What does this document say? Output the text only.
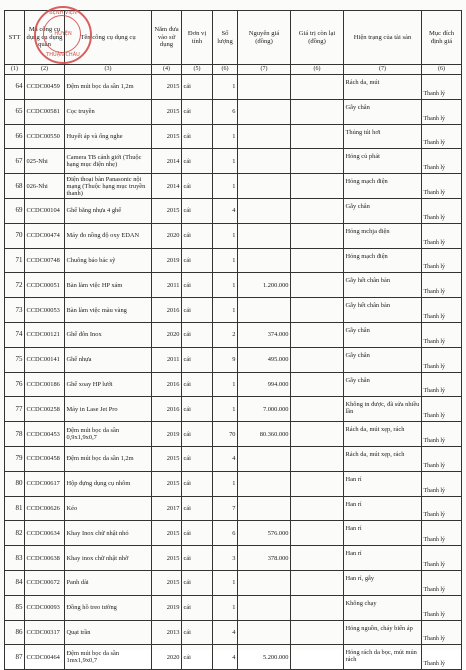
STT	Mã công cụ dụng cụ dụng quản	Tên công cụ dụng cụ	Năm đưa vào sử dụng	Đơn vị tính	Số lượng	Nguyên giá (đồng)	Giá trị còn lại (đồng)	Hiện trạng của tài sản	Mục đích định giá
(1)	(2)	(3)	(4)	(5)	(6)	(7)	(6)	(7)	(6)
64	CCDC00459	Đệm mút bọc da sần 1,2m	2015	cái	1			Rách da, mút	Thanh lý
65	CCDC00581	Cọc truyền	2015	cái	6			Gẫy chân	Thanh lý
66	CCDC00550	Huyết áp và ống nghe	2015	cái	1			Thủng túi hơi	Thanh lý
67	025-Nhi	Camera TB cảnh giới (Thuộc hạng mục điện nhẹ)	2014	cái	1			Hỏng củ phát	Thanh lý
68	026-Nhi	Điện thoại bàn Panasonic nội mạng (Thuộc hạng mục truyền thanh)	2014	cái	1			Hỏng mạch điện	Thanh lý
69	CCDC00104	Ghế băng nhựa 4 ghế	2015	cái	4			Gẫy chân	Thanh lý
70	CCDC00474	Máy đo nồng độ oxy EDAN	2020	cái	1			Hỏng mchja điện	Thanh lý
71	CCDC00748	Chuông báo bác sỹ	2019	cái	1			Hỏng mạch điện	Thanh lý
72	CCDC00051	Bàn làm việc HP xám	2011	cái	1	1.200.000		Gẫy hết chân bàn	Thanh lý
73	CCDC00053	Bàn làm việc màu vàng	2016	cái	1			Gẫy hết chân bàn	Thanh lý
74	CCDC00121	Ghế đôn Inox	2020	cái	2	374.000		Gẫy chân	Thanh lý
75	CCDC00141	Ghế nhựa	2011	cái	9	495.000		Gẫy chân	Thanh lý
76	CCDC00186	Ghế xoay HP lưới	2016	cái	1	994.000		Gẫy chân	Thanh lý
77	CCDC00258	Máy in Lase Jet Pro	2016	cái	1	7.000.000		Không in được, đã sửa nhiều lần	Thanh lý
78	CCDC00453	Đệm mút bọc da sần 0,9x1,9x0,7	2019	cái	70	80.360.000		Rách da, mút xẹp, rách	Thanh lý
79	CCDC00458	Đệm mút bọc da sần 1,2m	2015	cái	4			Rách da, mút xẹp, rách	Thanh lý
80	CCDC00617	Hộp đựng dụng cụ nhôm	2015	cái	1			Han rỉ	Thanh lý
81	CCDC00626	Kéo	2017	cái	7			Han rỉ	Thanh lý
82	CCDC00634	Khay Inox chữ nhật nhỏ	2015	cái	6	576.000		Han rỉ	Thanh lý
83	CCDC00638	Khay inox chữ nhật nhỡ	2015	cái	3	378.000		Han rỉ	Thanh lý
84	CCDC00672	Panh dài	2015	cái	1			Han rỉ, gẫy	Thanh lý
85	CCDC00093	Đồng hồ treo tường	2019	cái	1			Không chạy	Thanh lý
86	CCDC00317	Quạt trần	2013	cái	4			Hỏng nguồn, cháy biến áp	Thanh lý
87	CCDC00464	Đệm mút bọc da sần 1mx1,9x0,7	2020	cái	4	5.200.000		Hỏng rách da bọc, mút mủn rách	Thanh lý
BỆNH VIỆN
HUYỆN
THUẬN CHÂU
